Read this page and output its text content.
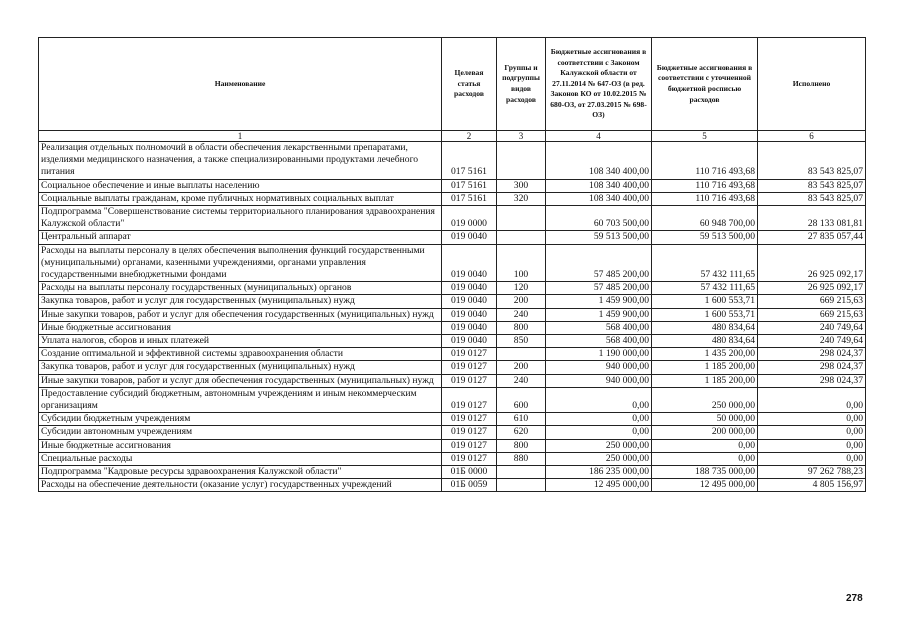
Наименование	Целевая статья расходов	Группы и подгруппы видов расходов	Бюджетные ассигнования в соответствии с Законом Калужской области от 27.11.2014 № 647-ОЗ (в ред. Законов КО от 10.02.2015 № 680-ОЗ, от 27.03.2015 № 698-ОЗ)	Бюджетные ассигнования в соответствии с уточненной бюджетной росписью расходов	Исполнено
1	2	3	4	5	6
Реализация отдельных полномочий в области обеспечения лекарственными препаратами, изделиями медицинского назначения, а также специализированными продуктами лечебного питания	017 5161		108 340 400,00	110 716 493,68	83 543 825,07
Социальное обеспечение и иные выплаты населению	017 5161	300	108 340 400,00	110 716 493,68	83 543 825,07
Социальные выплаты гражданам, кроме публичных нормативных социальных выплат	017 5161	320	108 340 400,00	110 716 493,68	83 543 825,07
Подпрограмма "Совершенствование системы территориального планирования здравоохранения Калужской области"	019 0000		60 703 500,00	60 948 700,00	28 133 081,81
Центральный аппарат	019 0040		59 513 500,00	59 513 500,00	27 835 057,44
Расходы на выплаты персоналу в целях обеспечения выполнения функций государственными (муниципальными) органами, казенными учреждениями, органами управления государственными внебюджетными фондами	019 0040	100	57 485 200,00	57 432 111,65	26 925 092,17
Расходы на выплаты персоналу государственных (муниципальных) органов	019 0040	120	57 485 200,00	57 432 111,65	26 925 092,17
Закупка товаров, работ и услуг для государственных (муниципальных) нужд	019 0040	200	1 459 900,00	1 600 553,71	669 215,63
Иные закупки товаров, работ и услуг для обеспечения государственных (муниципальных) нужд	019 0040	240	1 459 900,00	1 600 553,71	669 215,63
Иные бюджетные ассигнования	019 0040	800	568 400,00	480 834,64	240 749,64
Уплата налогов, сборов и иных платежей	019 0040	850	568 400,00	480 834,64	240 749,64
Создание оптимальной и эффективной системы здравоохранения области	019 0127		1 190 000,00	1 435 200,00	298 024,37
Закупка товаров, работ и услуг для государственных (муниципальных) нужд	019 0127	200	940 000,00	1 185 200,00	298 024,37
Иные закупки товаров, работ и услуг для обеспечения государственных (муниципальных) нужд	019 0127	240	940 000,00	1 185 200,00	298 024,37
Предоставление субсидий бюджетным, автономным учреждениям и иным некоммерческим организациям	019 0127	600	0,00	250 000,00	0,00
Субсидии бюджетным учреждениям	019 0127	610	0,00	50 000,00	0,00
Субсидии автономным учреждениям	019 0127	620	0,00	200 000,00	0,00
Иные бюджетные ассигнования	019 0127	800	250 000,00	0,00	0,00
Специальные расходы	019 0127	880	250 000,00	0,00	0,00
Подпрограмма "Кадровые ресурсы здравоохранения Калужской области"	01Б 0000		186 235 000,00	188 735 000,00	97 262 788,23
Расходы на обеспечение деятельности (оказание услуг) государственных учреждений	01Б 0059		12 495 000,00	12 495 000,00	4 805 156,97
278
